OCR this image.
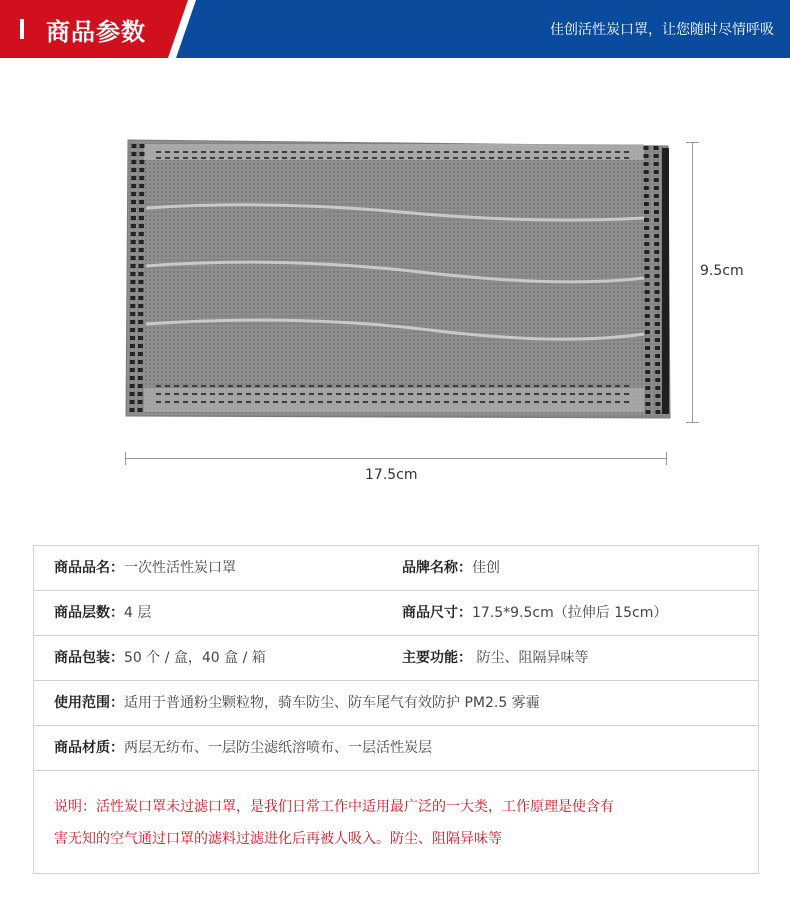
商品参数	佳创活性炭口罩，让您随时尽情呼吸
9.5cm
17.5cm
商品品名：一次性活性炭口罩	品牌名称：佳创
商品层数：4 层	商品尺寸：17.5*9.5cm（拉伸后 15cm）
商品包装：50 个 / 盒，40 盒 / 箱	主要功能： 防尘、阻隔异味等
使用范围：适用于普通粉尘颗粒物，骑车防尘、防车尾气有效防护 PM2.5 雾霾
商品材质：两层无纺布、一层防尘滤纸溶喷布、一层活性炭层
说明：活性炭口罩未过滤口罩，是我们日常工作中适用最广泛的一大类，工作原理是使含有
害无知的空气通过口罩的滤料过滤进化后再被人吸入。防尘、阻隔异味等
